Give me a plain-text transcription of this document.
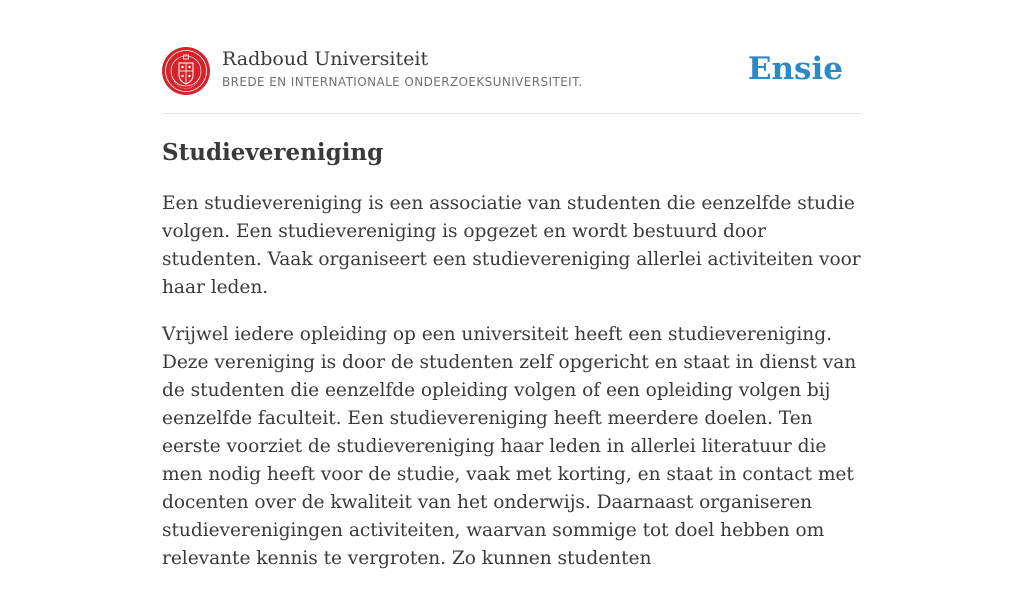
Radboud Universiteit
BREDE EN INTERNATIONALE ONDERZOEKSUNIVERSITEIT.	Ensie
Studievereniging

Een studievereniging is een associatie van studenten die eenzelfde studie volgen. Een studievereniging is opgezet en wordt bestuurd door studenten. Vaak organiseert een studievereniging allerlei activiteiten voor haar leden.

Vrijwel iedere opleiding op een universiteit heeft een studievereniging. Deze vereniging is door de studenten zelf opgericht en staat in dienst van de studenten die eenzelfde opleiding volgen of een opleiding volgen bij eenzelfde faculteit. Een studievereniging heeft meerdere doelen. Ten eerste voorziet de studievereniging haar leden in allerlei literatuur die men nodig heeft voor de studie, vaak met korting, en staat in contact met docenten over de kwaliteit van het onderwijs. Daarnaast organiseren studieverenigingen activiteiten, waarvan sommige tot doel hebben om relevante kennis te vergroten. Zo kunnen studenten
